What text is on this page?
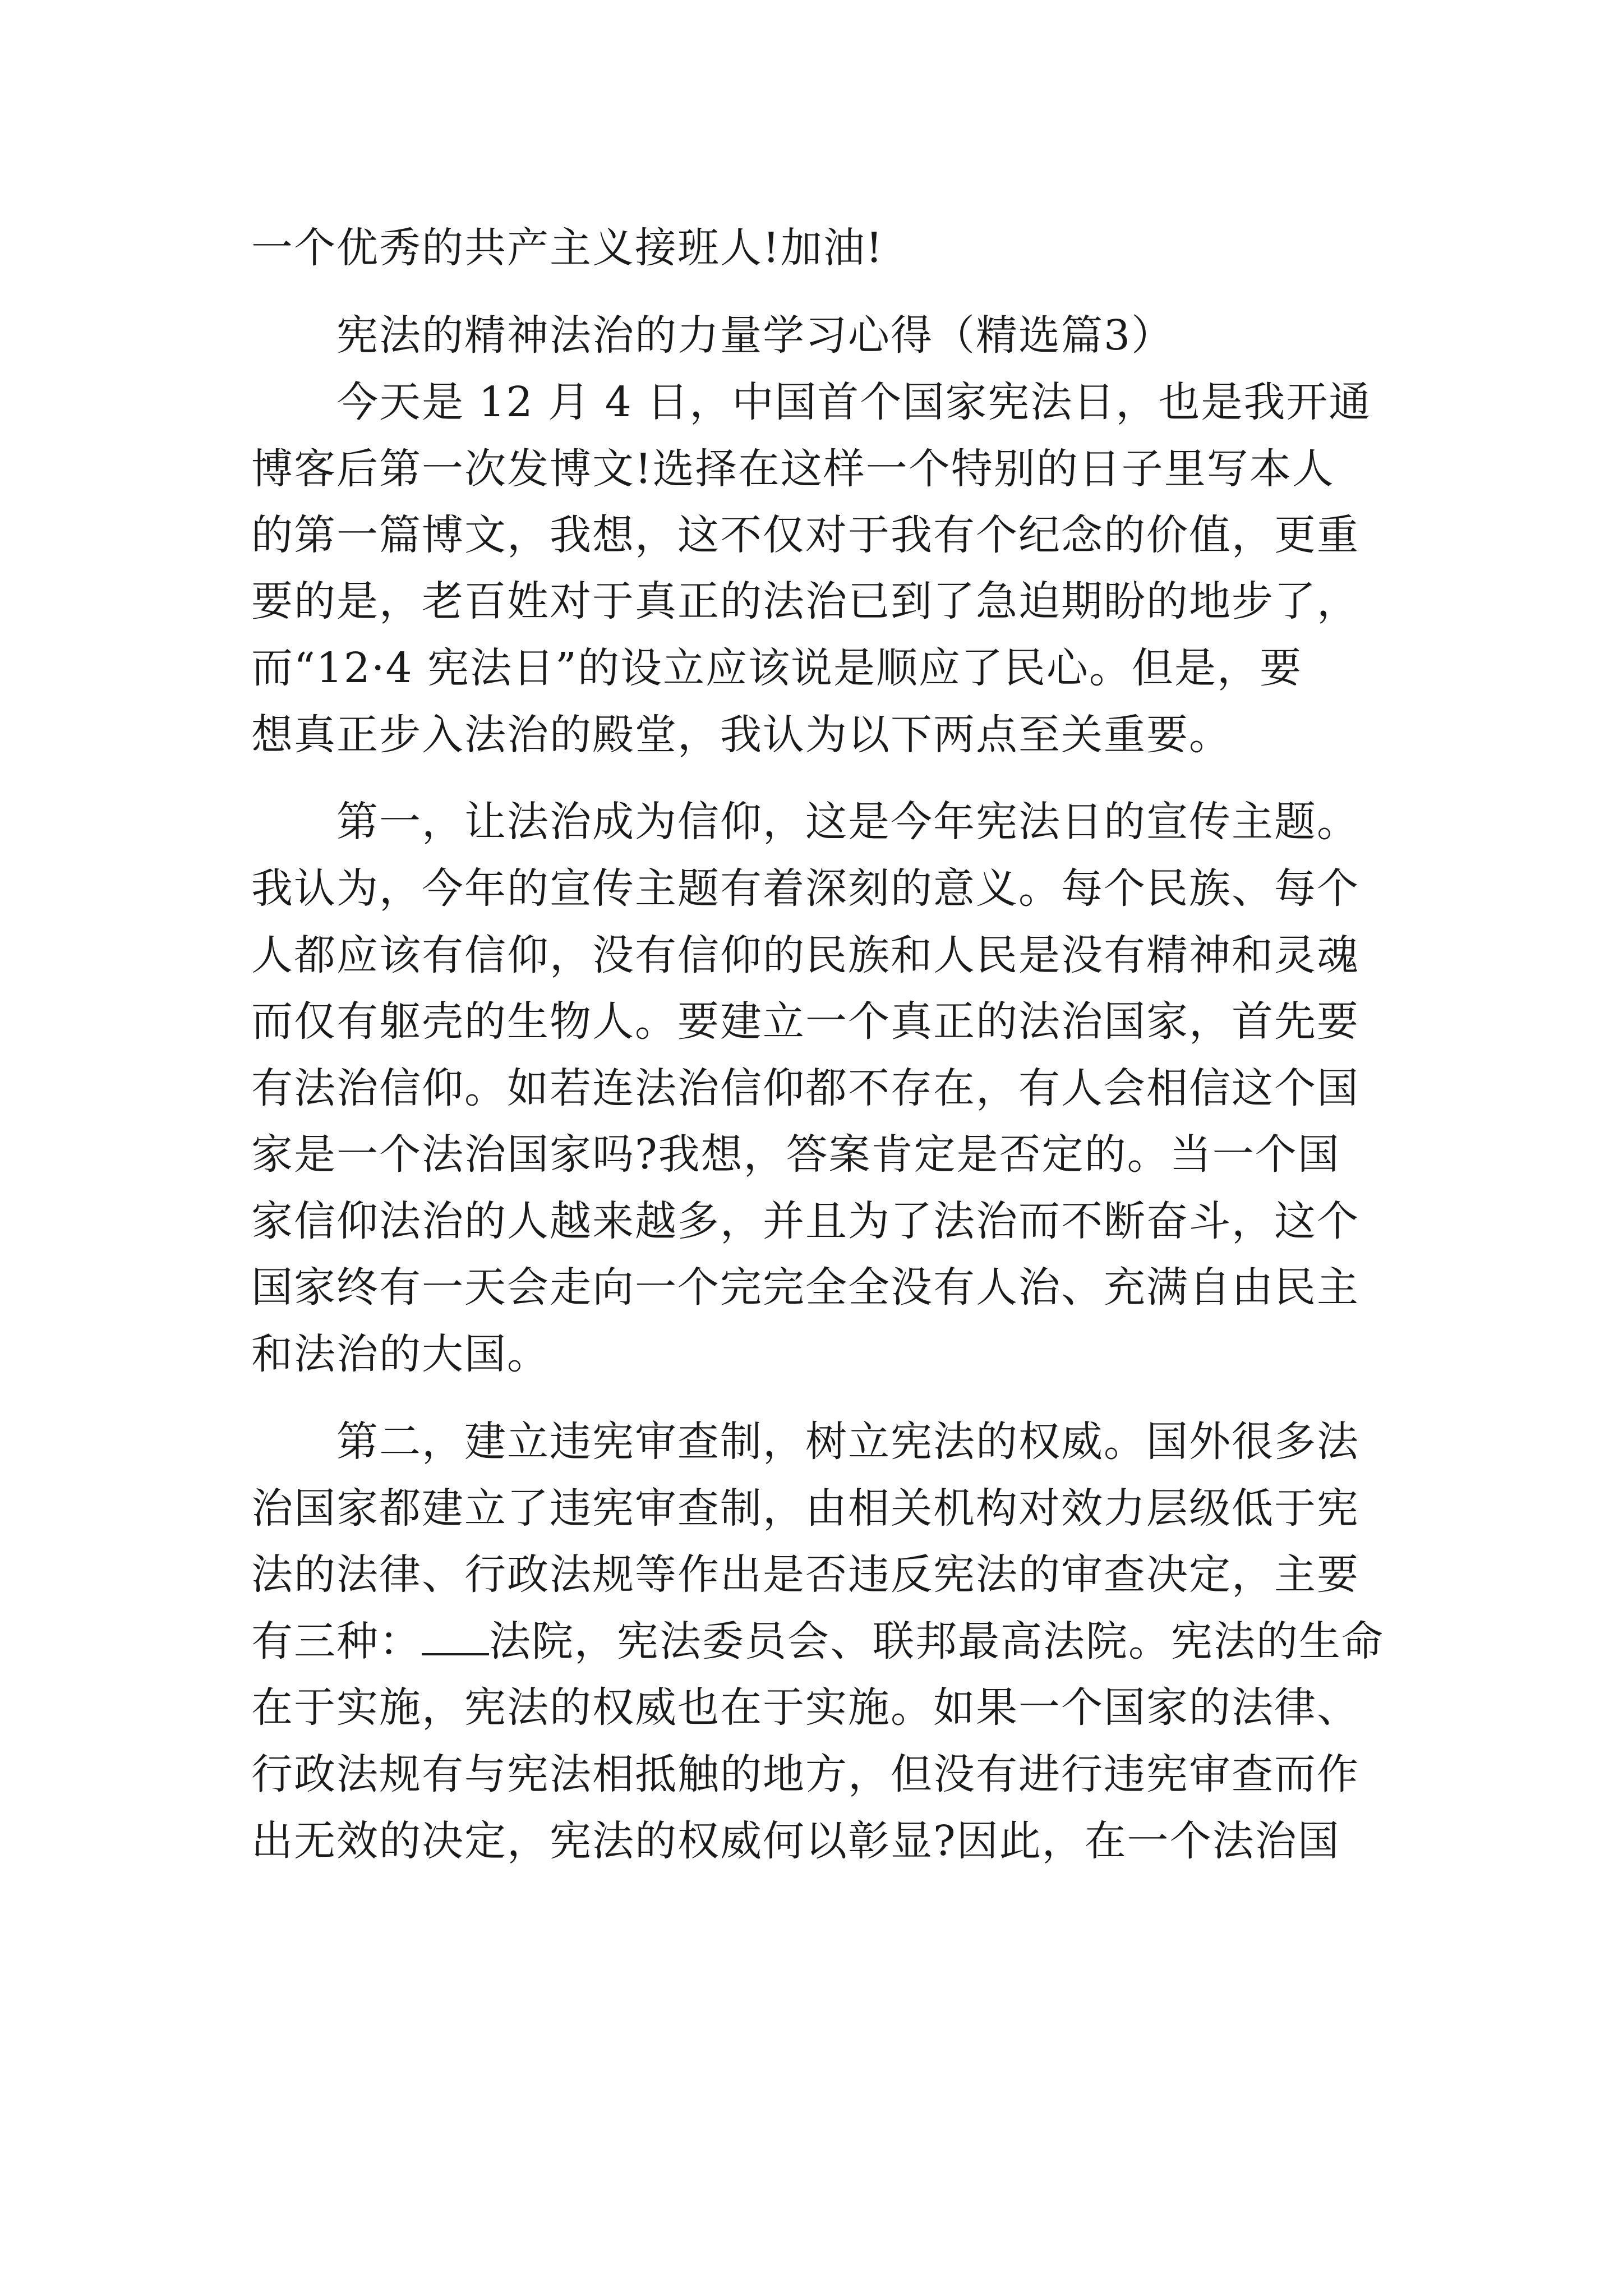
一个优秀的共产主义接班人!加油!
宪法的精神法治的力量学习心得（精选篇3）
今天是 12 月 4 日，中国首个国家宪法日，也是我开通
博客后第一次发博文!选择在这样一个特别的日子里写本人
的第一篇博文，我想，这不仅对于我有个纪念的价值，更重
要的是，老百姓对于真正的法治已到了急迫期盼的地步了，
而“12·4 宪法日”的设立应该说是顺应了民心。但是，要
想真正步入法治的殿堂，我认为以下两点至关重要。
第一，让法治成为信仰，这是今年宪法日的宣传主题。
我认为，今年的宣传主题有着深刻的意义。每个民族、每个
人都应该有信仰，没有信仰的民族和人民是没有精神和灵魂
而仅有躯壳的生物人。要建立一个真正的法治国家，首先要
有法治信仰。如若连法治信仰都不存在，有人会相信这个国
家是一个法治国家吗?我想，答案肯定是否定的。当一个国
家信仰法治的人越来越多，并且为了法治而不断奋斗，这个
国家终有一天会走向一个完完全全没有人治、充满自由民主
和法治的大国。
第二，建立违宪审查制，树立宪法的权威。国外很多法
治国家都建立了违宪审查制，由相关机构对效力层级低于宪
法的法律、行政法规等作出是否违反宪法的审查决定，主要
有三种： 法院，宪法委员会、联邦最高法院。宪法的生命
在于实施，宪法的权威也在于实施。如果一个国家的法律、
行政法规有与宪法相抵触的地方，但没有进行违宪审查而作
出无效的决定，宪法的权威何以彰显?因此，在一个法治国
